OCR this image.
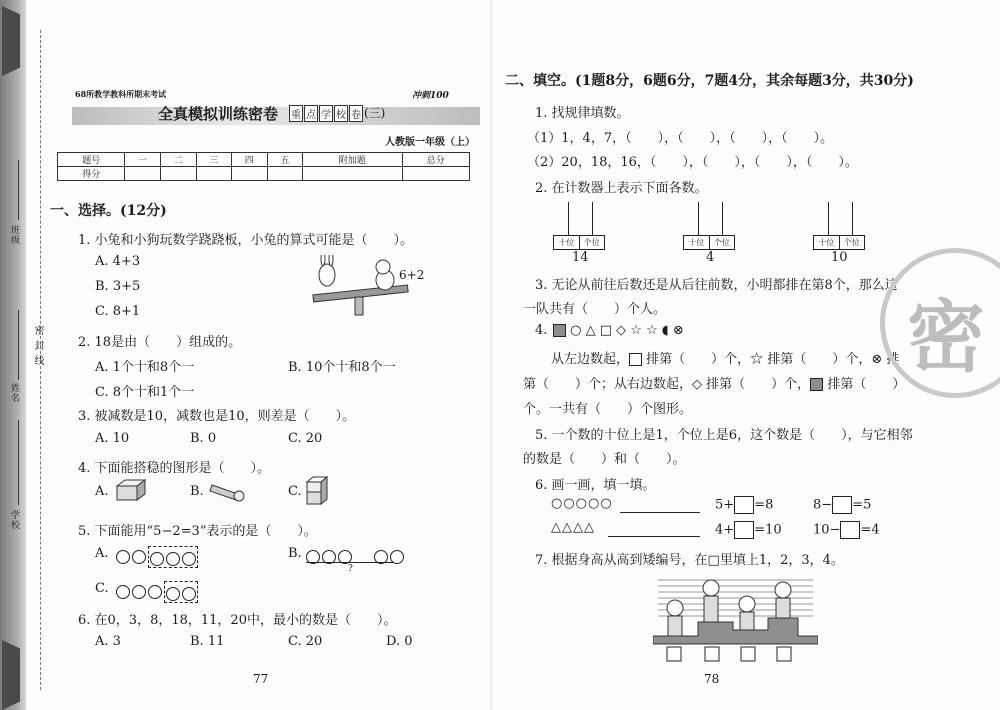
班级
姓名
学校
密 封 线
68所教学教科所期末考试	冲刺100
全真模拟训练密卷 重 点 学 校 卷 (三)
人教版一年级（上）
题号	一	二	三	四	五	附加题	总分
得分							
一、选择。(12分)
1. 小兔和小狗玩数学跷跷板，小兔的算式可能是（　　）。
A. 4+3
B. 3+5
C. 8+1
6+2
2. 18是由（　　）组成的。
A. 1个十和8个一	B. 10个十和8个一
C. 8个十和1个一
3. 被减数是10，减数也是10，则差是（　　）。
A. 10	B. 0	C. 20
4. 下面能搭稳的图形是（　　）。
A.	B.	C.
5. 下面能用“5−2=3”表示的是（　　）。
A.	B.

?
C.
6. 在0，3，8，18，11，20中，最小的数是（　　）。
A. 3	B. 11	C. 20	D. 0
77
二、填空。(1题8分，6题6分，7题4分，其余每题3分，共30分)
1. 找规律填数。
（1）1，4，7，（　　），（　　），（　　），（　　）。
（2）20，18，16，（　　），（　　），（　　），（　　）。
2. 在计数器上表示下面各数。
十位	个位
14
十位	个位
4
十位	个位
10
3. 无论从前往后数还是从后往前数，小明都排在第8个，那么这
一队共有（　　）个人。
4.	○ △ □ ◇ ☆ ☆ ◖ ⊗
从左边数起， 排第（　　）个，☆ 排第（　　）个，⊗ 排
第（　　）个；从右边数起，◇ 排第（　　）个， 排第（　　）
个。一共有（　　）个图形。
5. 一个数的十位上是1，个位上是6，这个数是（　　），与它相邻
的数是（　　）和（　　）。
6. 画一画，填一填。
○○○○○
△△△△
5+ =8	8− =5
4+ =10 10− =4
7. 根据身高从高到矮编号，在□里填上1，2，3，4。
78
密
